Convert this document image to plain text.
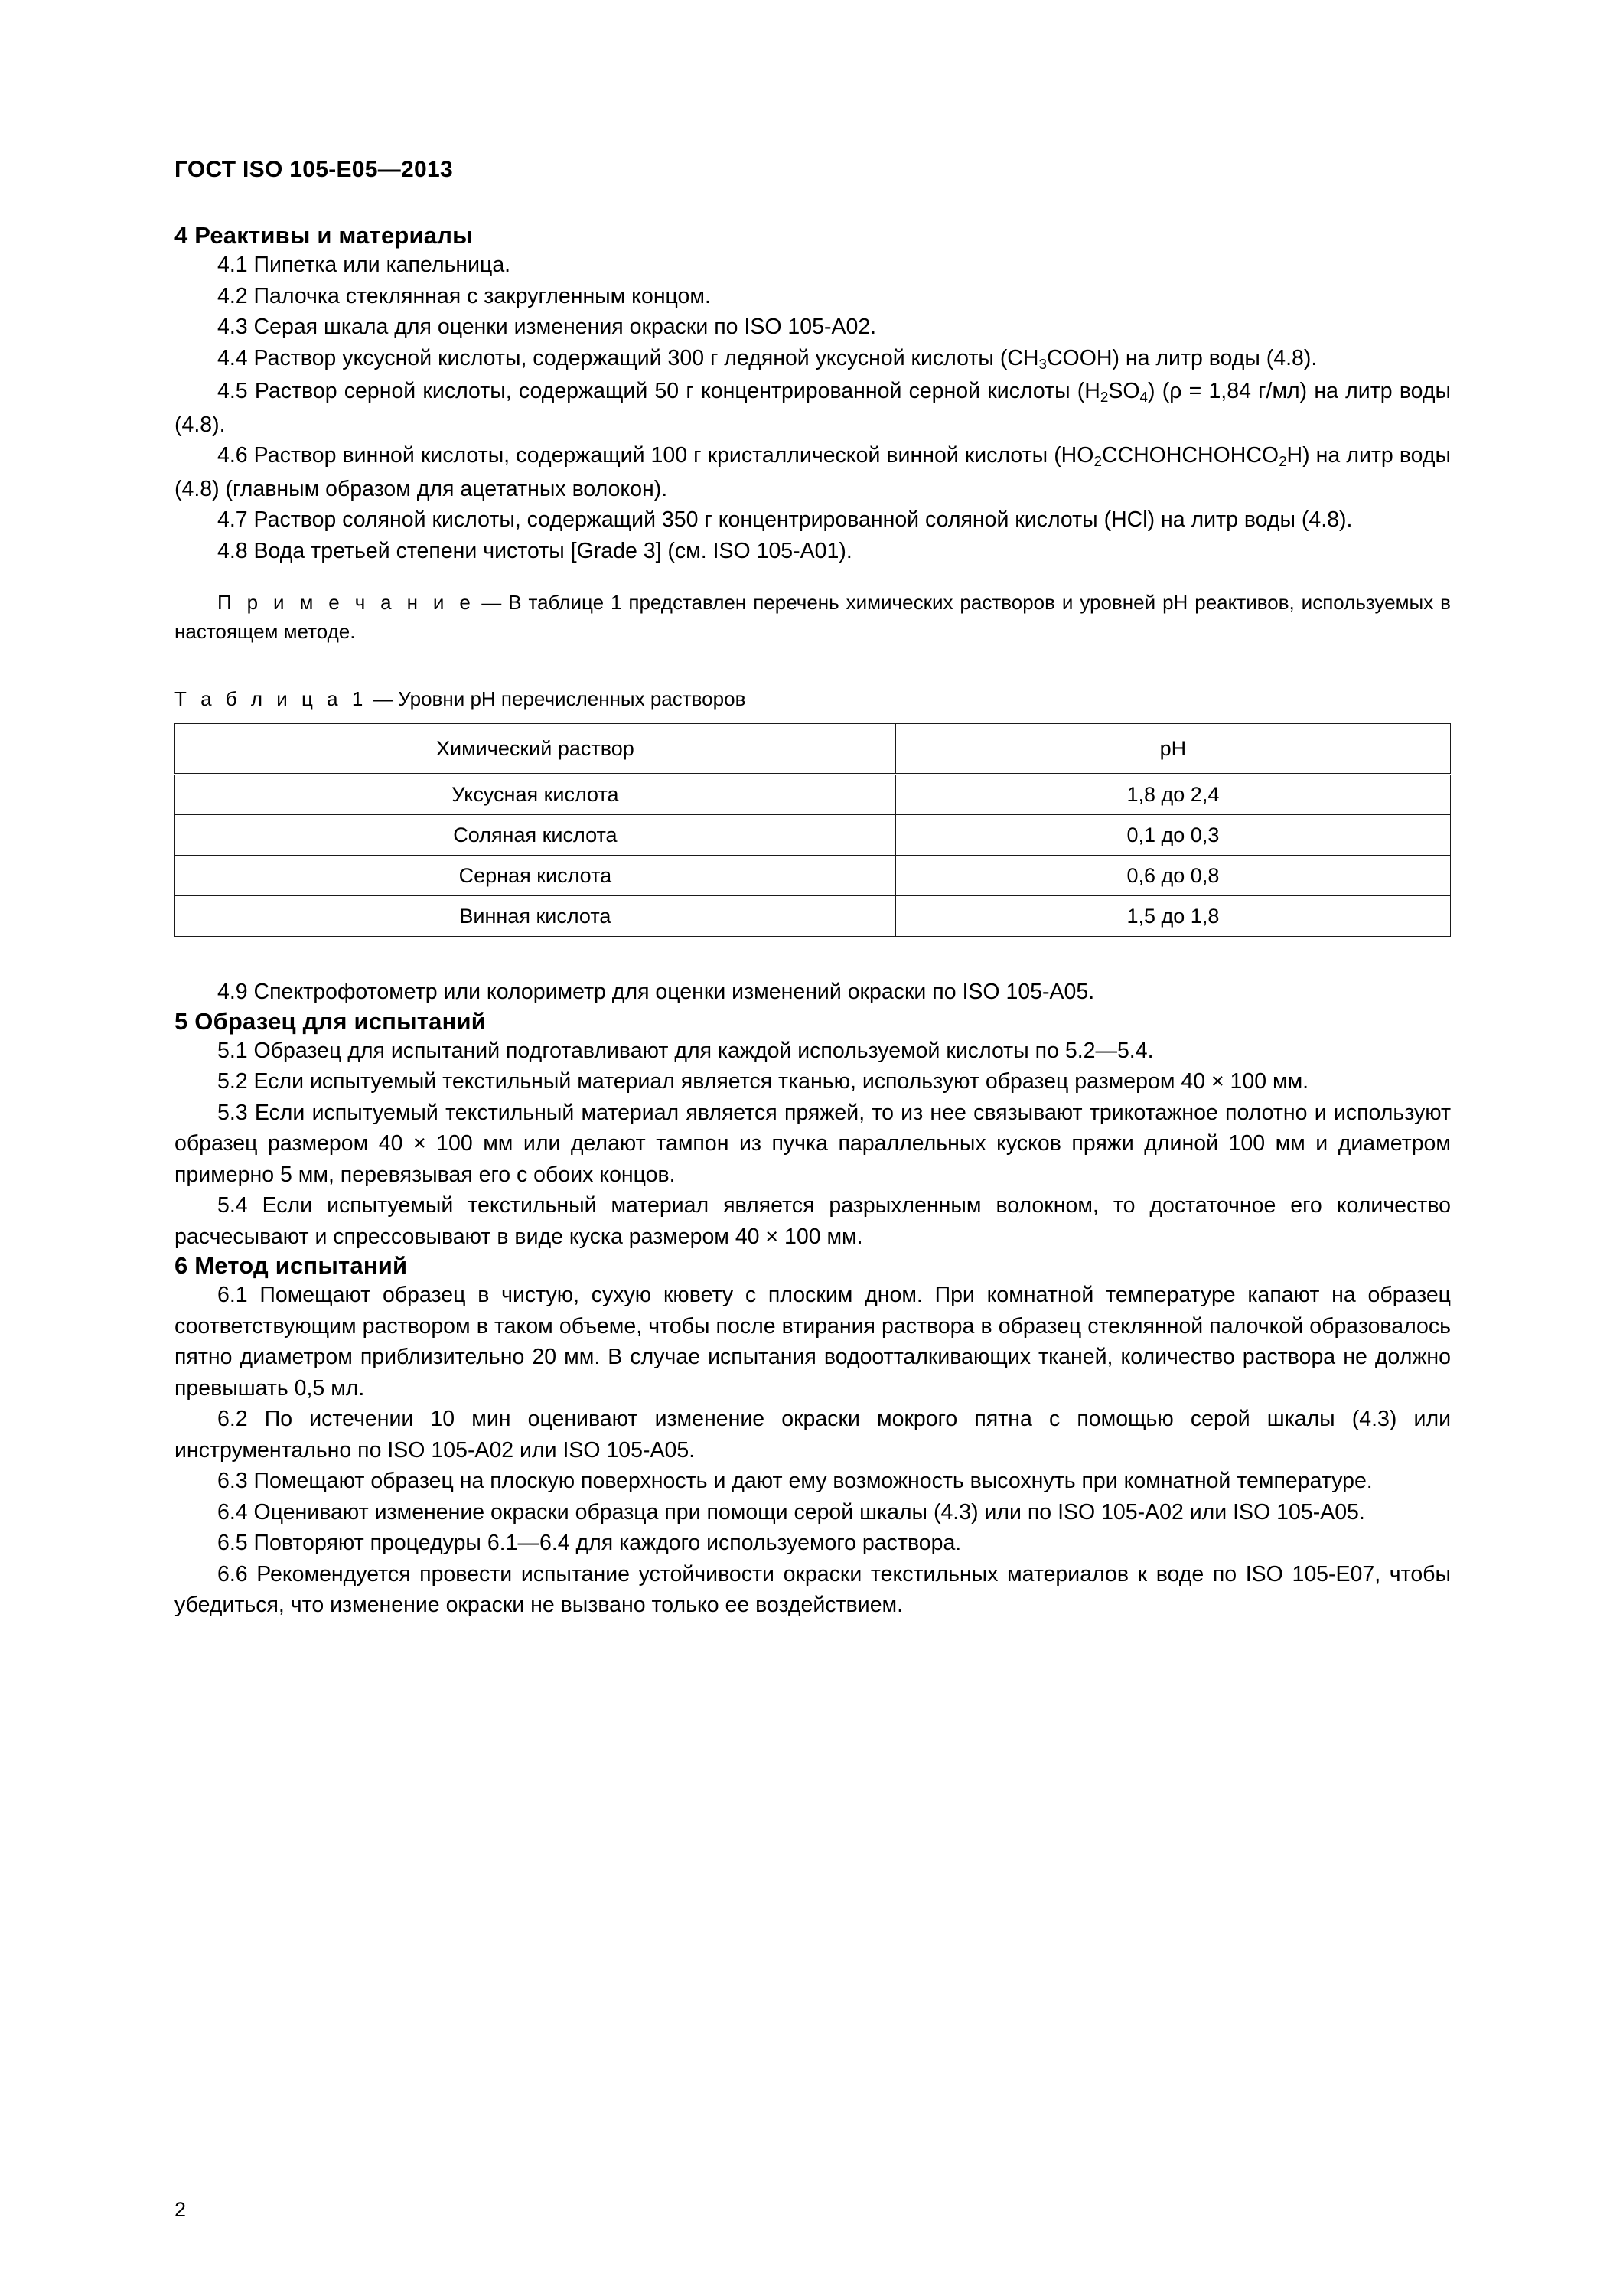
ГОСТ ISO 105-E05—2013
4 Реактивы и материалы

4.1 Пипетка или капельница.

4.2 Палочка стеклянная с закругленным концом.

4.3 Серая шкала для оценки изменения окраски по ISO 105-A02.

4.4 Раствор уксусной кислоты, содержащий 300 г ледяной уксусной кислоты $(CH_3COOH)$ на литр воды (4.8).

4.5 Раствор серной кислоты, содержащий 50 г концентрированной серной кислоты $(H_2SO_4) (\rho = 1,84$ г/мл) на литр воды (4.8).

4.6 Раствор винной кислоты, содержащий 100 г кристаллической винной кислоты $(HO_2CCHOHCHOHCO_2H)$ на литр воды (4.8) (главным образом для ацетатных волокон).

4.7 Раствор соляной кислоты, содержащий 350 г концентрированной соляной кислоты (HCl) на литр воды (4.8).

4.8 Вода третьей степени чистоты [Grade 3] (см. ISO 105-A01).

П р и м е ч а н и е — В таблице 1 представлен перечень химических растворов и уровней pH реактивов, используемых в настоящем методе.

Т а б л и ц а 1 — Уровни pH перечисленных растворов

Химический раствор	pH
Уксусная кислота	1,8 до 2,4
Соляная кислота	0,1 до 0,3
Серная кислота	0,6 до 0,8
Винная кислота	1,5 до 1,8

4.9 Спектрофотометр или колориметр для оценки изменений окраски по ISO 105-A05.

5 Образец для испытаний

5.1 Образец для испытаний подготавливают для каждой используемой кислоты по 5.2—5.4.

5.2 Если испытуемый текстильный материал является тканью, используют образец размером 40 × 100 мм.

5.3 Если испытуемый текстильный материал является пряжей, то из нее связывают трикотажное полотно и используют образец размером 40 × 100 мм или делают тампон из пучка параллельных кусков пряжи длиной 100 мм и диаметром примерно 5 мм, перевязывая его с обоих концов.

5.4 Если испытуемый текстильный материал является разрыхленным волокном, то достаточное его количество расчесывают и спрессовывают в виде куска размером 40 × 100 мм.

6 Метод испытаний

6.1 Помещают образец в чистую, сухую кювету с плоским дном. При комнатной температуре капают на образец соответствующим раствором в таком объеме, чтобы после втирания раствора в образец стеклянной палочкой образовалось пятно диаметром приблизительно 20 мм. В случае испытания водоотталкивающих тканей, количество раствора не должно превышать 0,5 мл.

6.2 По истечении 10 мин оценивают изменение окраски мокрого пятна с помощью серой шкалы (4.3) или инструментально по ISO 105-A02 или ISO 105-A05.

6.3 Помещают образец на плоскую поверхность и дают ему возможность высохнуть при комнатной температуре.

6.4 Оценивают изменение окраски образца при помощи серой шкалы (4.3) или по ISO 105-A02 или ISO 105-A05.

6.5 Повторяют процедуры 6.1—6.4 для каждого используемого раствора.

6.6 Рекомендуется провести испытание устойчивости окраски текстильных материалов к воде по ISO 105-E07, чтобы убедиться, что изменение окраски не вызвано только ее воздействием.

2
